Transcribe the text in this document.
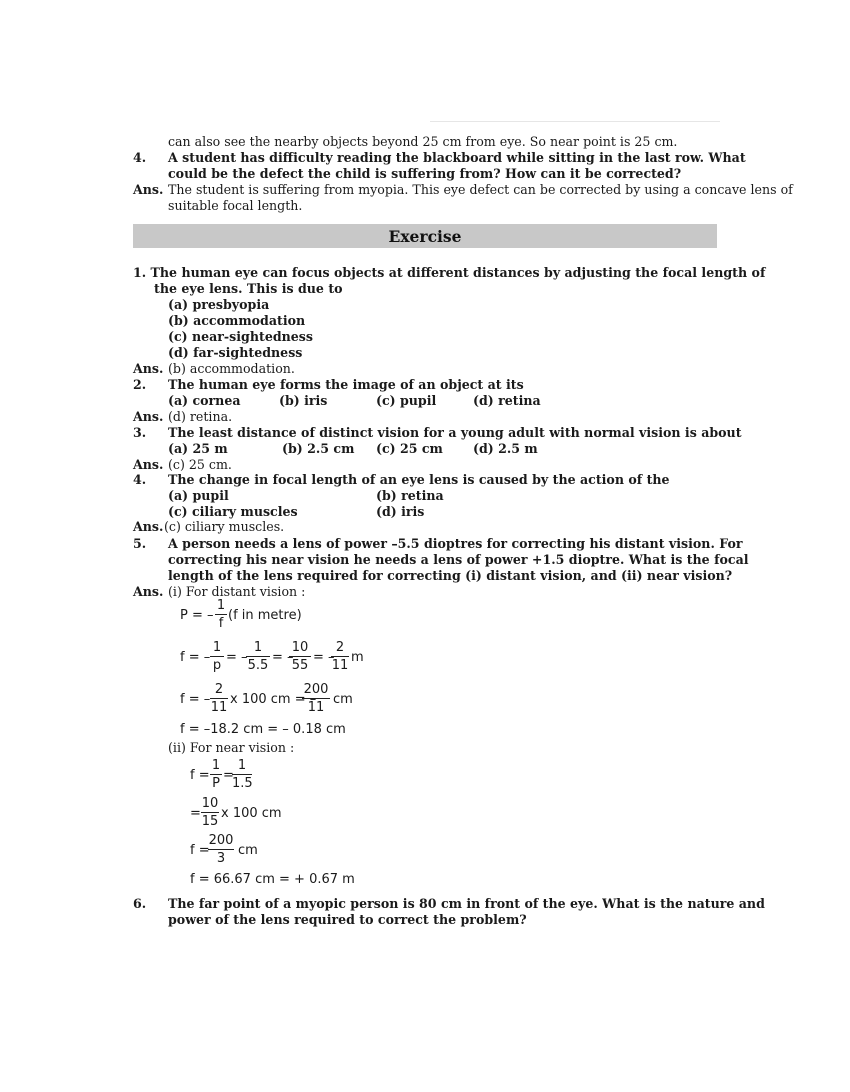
can also see the nearby objects beyond 25 cm from eye. So near point is 25 cm.
4. A student has difficulty reading the blackboard while sitting in the last row. What
could be the defect the child is suffering from? How can it be corrected?
Ans. The student is suffering from myopia. This eye defect can be corrected by using a concave lens of
suitable focal length.
Exercise
1. The human eye can focus objects at different distances by adjusting the focal length of
the eye lens. This is due to
(a) presbyopia
(b) accommodation
(c) near-sightedness
(d) far-sightedness
Ans. (b) accommodation.
2. The human eye forms the image of an object at its
(a) cornea	(b) iris	(c) pupil	(d) retina
Ans. (d) retina.
3. The least distance of distinct vision for a young adult with normal vision is about
(a) 25 m	(b) 2.5 cm (c) 25 cm (d) 2.5 m
Ans. (c) 25 cm.
4. The change in focal length of an eye lens is caused by the action of the
(a) pupil	(b) retina
(c) ciliary muscles	(d) iris
Ans. (c) ciliary muscles.
5. A person needs a lens of power –5.5 dioptres for correcting his distant vision. For
correcting his near vision he needs a lens of power +1.5 dioptre. What is the focal
length of the lens required for correcting (i) distant vision, and (ii) near vision?
Ans. (i) For distant vision :
P = –
1
f
(f in metre)
f = –
1
p
= –
1
5.5
= –
10
55
= –
2
11
m
f = –
2
11
x 100 cm = –
200
11
cm
f = –18.2 cm = – 0.18 cm
(ii) For near vision :
f =
1
P
=
1
1.5
=
10
15
x 100 cm
f =
200
3
cm
f = 66.67 cm = + 0.67 m
6. The far point of a myopic person is 80 cm in front of the eye. What is the nature and
power of the lens required to correct the problem?
